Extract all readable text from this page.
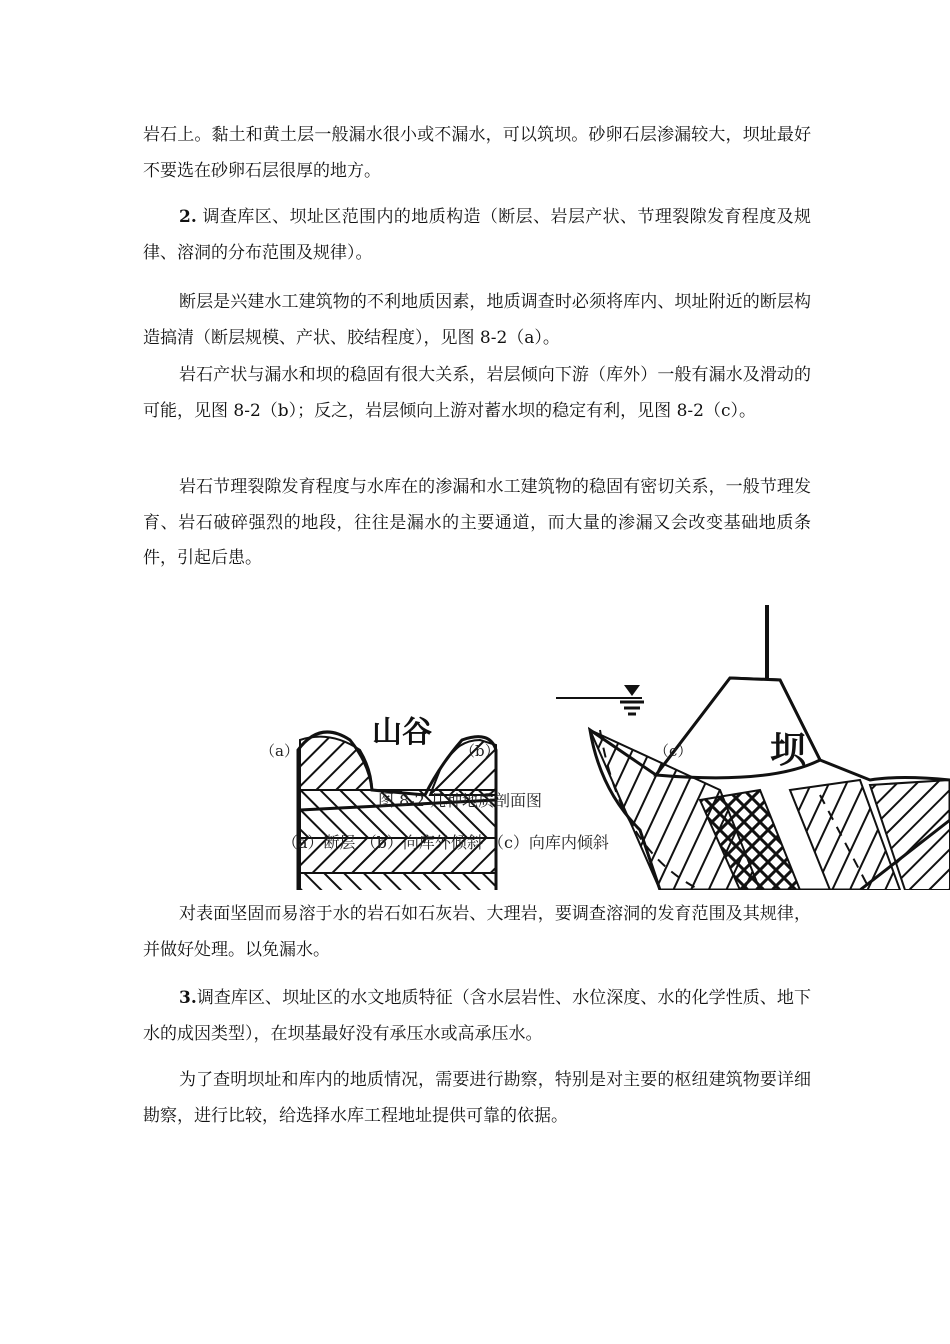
岩石上。黏土和黄土层一般漏水很小或不漏水，可以筑坝。砂卵石层渗漏较大，坝址最好不要选在砂卵石层很厚的地方。

2. 调查库区、坝址区范围内的地质构造（断层、岩层产状、节理裂隙发育程度及规律、溶洞的分布范围及规律）。

断层是兴建水工建筑物的不利地质因素，地质调查时必须将库内、坝址附近的断层构造搞清（断层规模、产状、胶结程度），见图 8-2（a）。

岩石产状与漏水和坝的稳固有很大关系，岩层倾向下游（库外）一般有漏水及滑动的可能，见图 8-2（b）；反之，岩层倾向上游对蓄水坝的稳定有利，见图 8-2（c）。

岩石节理裂隙发育程度与水库在的渗漏和水工建筑物的稳固有密切关系，一般节理发育、岩石破碎强烈的地段，往往是漏水的主要通道，而大量的渗漏又会改变基础地质条件，引起后患。

山谷	坝
（a）	（b）	（c）
图 8-2 几种地质剖面图
（a）断层 （b）向库外倾斜 （c）向库内倾斜

对表面坚固而易溶于水的岩石如石灰岩、大理岩，要调查溶洞的发育范围及其规律，并做好处理。以免漏水。

3.调查库区、坝址区的水文地质特征（含水层岩性、水位深度、水的化学性质、地下水的成因类型），在坝基最好没有承压水或高承压水。

为了查明坝址和库内的地质情况，需要进行勘察，特别是对主要的枢纽建筑物要详细勘察，进行比较，给选择水库工程地址提供可靠的依据。
